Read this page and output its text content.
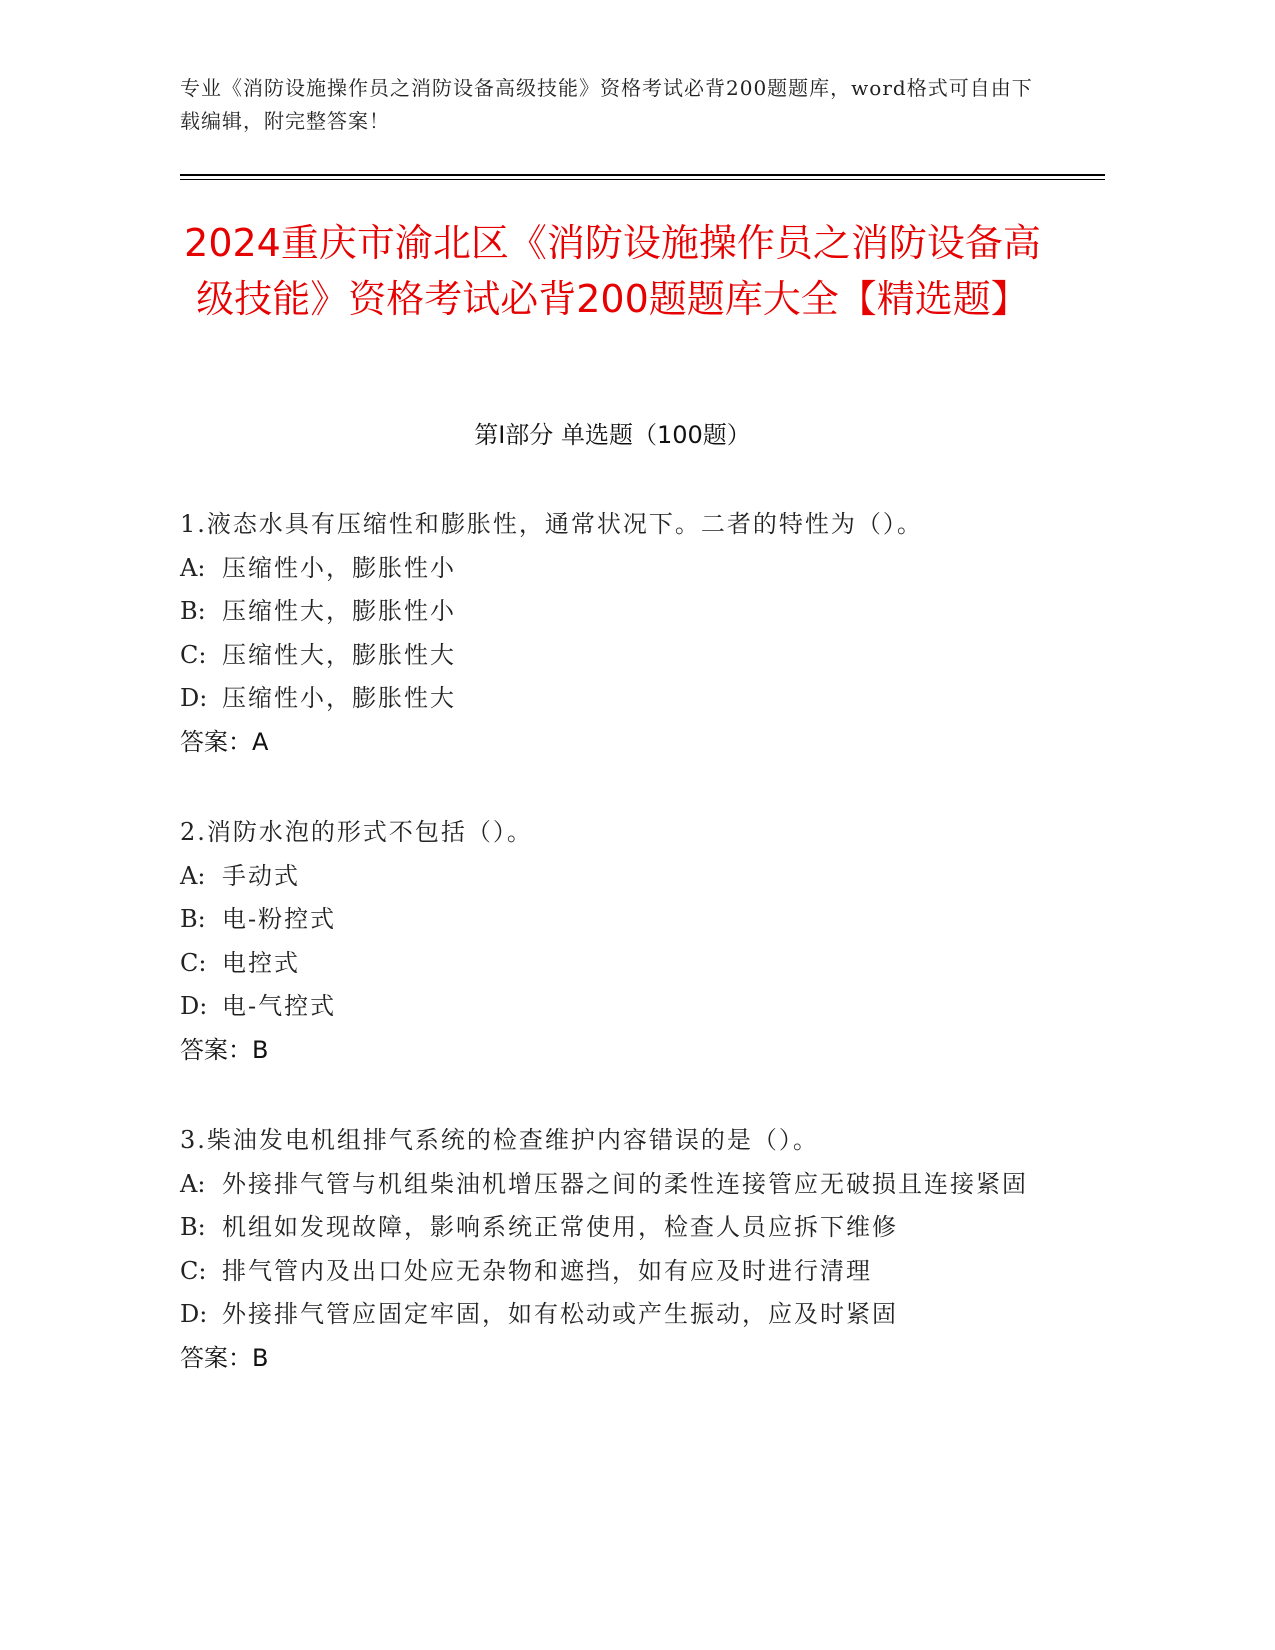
专业《消防设施操作员之消防设备高级技能》资格考试必背200题题库，word格式可自由下载编辑，附完整答案！
2024重庆市渝北区《消防设施操作员之消防设备高级技能》资格考试必背200题题库大全【精选题】
第Ⅰ部分 单选题（100题）
1.液态水具有压缩性和膨胀性，通常状况下。二者的特性为（）。
A: 压缩性小，膨胀性小
B: 压缩性大，膨胀性小
C: 压缩性大，膨胀性大
D: 压缩性小，膨胀性大
答案：A
2.消防水泡的形式不包括（）。
A: 手动式
B: 电-粉控式
C: 电控式
D: 电-气控式
答案：B
3.柴油发电机组排气系统的检查维护内容错误的是（）。
A: 外接排气管与机组柴油机增压器之间的柔性连接管应无破损且连接紧固
B: 机组如发现故障，影响系统正常使用，检查人员应拆下维修
C: 排气管内及出口处应无杂物和遮挡，如有应及时进行清理
D: 外接排气管应固定牢固，如有松动或产生振动，应及时紧固
答案：B
